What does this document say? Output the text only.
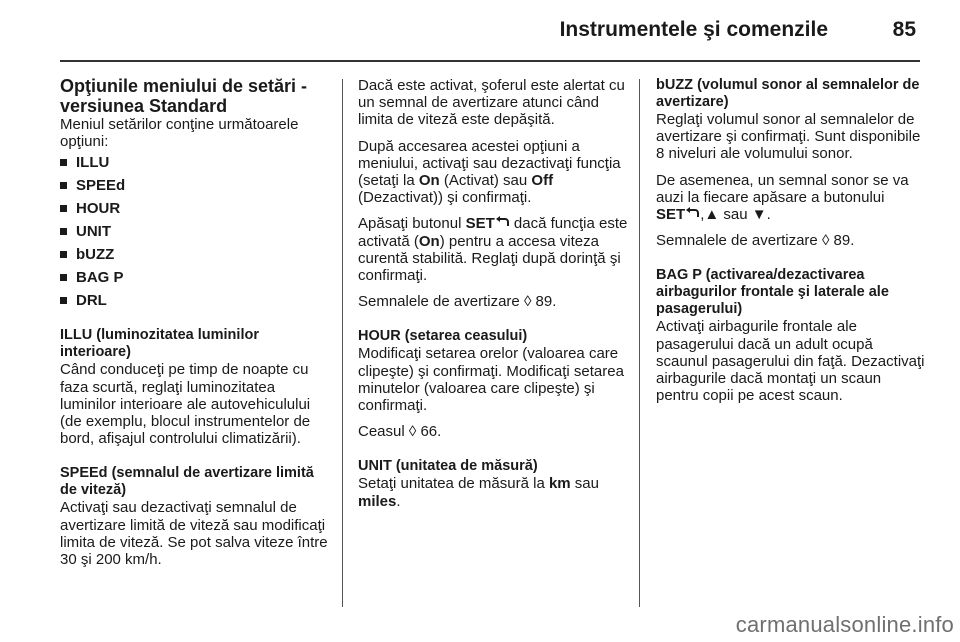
Instrumentele şi comenzile	85
Opţiunile meniului de setări - versiunea Standard

Meniul setărilor conţine următoarele opţiuni:

ILLU
SPEEd
HOUR
UNIT
bUZZ
BAG P
DRL

ILLU (luminozitatea luminilor interioare)

Când conduceţi pe timp de noapte cu faza scurtă, reglaţi luminozitatea luminilor interioare ale autovehiculului (de exemplu, blocul instrumentelor de bord, afişajul controlului climatizării).

SPEEd (semnalul de avertizare limită de viteză)

Activaţi sau dezactivaţi semnalul de avertizare limită de viteză sau modificaţi limita de viteză. Se pot salva viteze între 30 şi 200 km/h.

Dacă este activat, şoferul este alertat cu un semnal de avertizare atunci când limita de viteză este depăşită.

După accesarea acestei opţiuni a meniului, activaţi sau dezactivaţi funcţia (setaţi la On (Activat) sau Off (Dezactivat)) şi confirmaţi.

Apăsaţi butonul SET dacă funcţia este activată (On) pentru a accesa viteza curentă stabilită. Reglaţi după dorinţă şi confirmaţi.

Semnalele de avertizare ◊ 89.

HOUR (setarea ceasului)

Modificaţi setarea orelor (valoarea care clipeşte) şi confirmaţi. Modificaţi setarea minutelor (valoarea care clipeşte) şi confirmaţi.

Ceasul ◊ 66.

UNIT (unitatea de măsură)

Setaţi unitatea de măsură la km sau miles.

bUZZ (volumul sonor al semnalelor de avertizare)

Reglaţi volumul sonor al semnalelor de avertizare şi confirmaţi. Sunt disponibile

8 niveluri ale volumului sonor.

De asemenea, un semnal sonor se va auzi la fiecare apăsare a butonului

SET ,▲ sau ▼.

Semnalele de avertizare ◊ 89.

BAG P (activarea/dezactivarea airbagurilor frontale şi laterale ale pasagerului)

Activaţi airbagurile frontale ale pasagerului dacă un adult ocupă scaunul pasagerului din faţă. Dezactivaţi airbagurile dacă montaţi un scaun pentru copii pe acest scaun.

carmanualsonline.info
